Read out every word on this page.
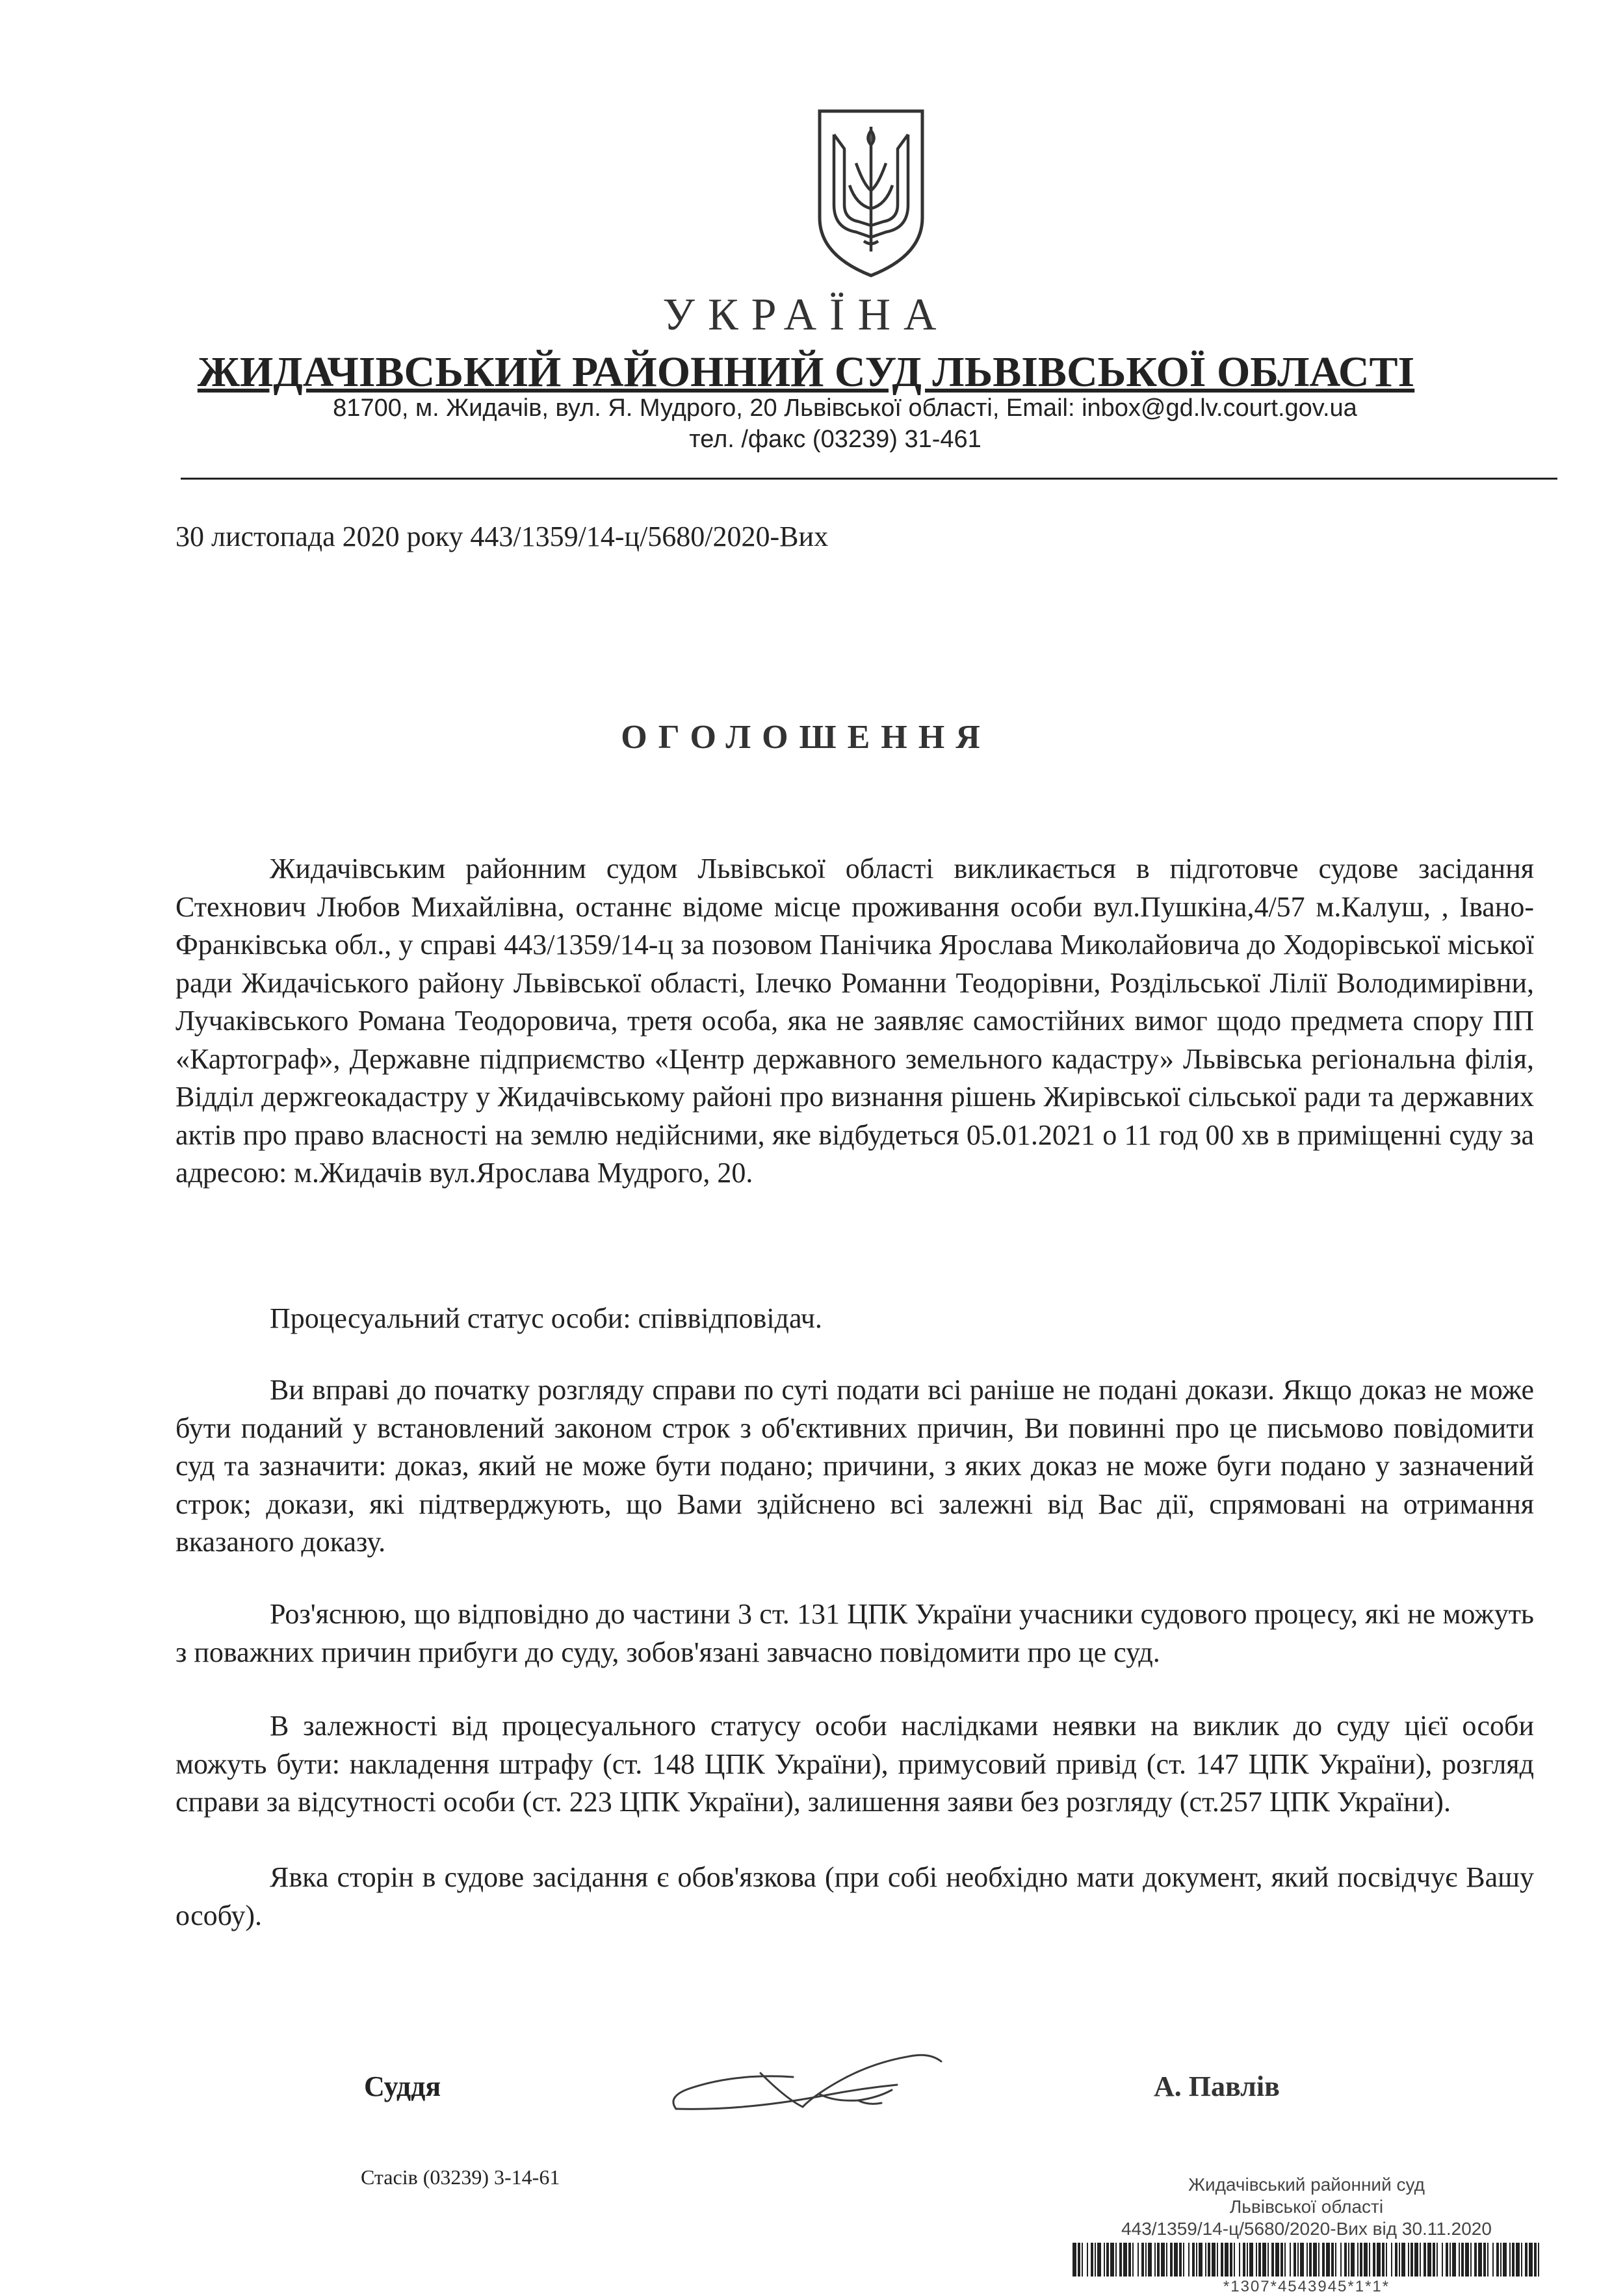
УКРАЇНА
ЖИДАЧІВСЬКИЙ РАЙОННИЙ СУД ЛЬВІВСЬКОЇ ОБЛАСТІ
81700, м. Жидачів, вул. Я. Мудрого, 20 Львівської області, Email: inbox@gd.lv.court.gov.ua
тел. /факс (03239) 31-461
30 листопада 2020 року 443/1359/14-ц/5680/2020-Вих
ОГОЛОШЕННЯ

Жидачівським районним судом Львівської області викликається в підготовче судове засідання Стехнович Любов Михайлівна, останнє відоме місце проживання особи вул.Пушкіна,4/57 м.Калуш, , Івано-Франківська обл., у справі 443/1359/14-ц за позовом Панічика Ярослава Миколайовича до Ходорівської міської ради Жидачіського району Львівської області, Ілечко Романни Теодорівни, Роздільської Лілії Володимирівни, Лучаківського Романа Теодоровича, третя особа, яка не заявляє самостійних вимог щодо предмета спору ПП «Картограф», Державне підприємство «Центр державного земельного кадастру» Львівська регіональна філія, Відділ держгеокадастру у Жидачівському районі про визнання рішень Жирівської сільської ради та державних актів про право власності на землю недійсними, яке відбудеться 05.01.2021 о 11 год 00 хв в приміщенні суду за адресою: м.Жидачів вул.Ярослава Мудрого, 20.

Процесуальний статус особи: співвідповідач.

Ви вправі до початку розгляду справи по суті подати всі раніше не подані докази. Якщо доказ не може бути поданий у встановлений законом строк з об'єктивних причин, Ви повинні про це письмово повідомити суд та зазначити: доказ, який не може бути подано; причини, з яких доказ не може буги подано у зазначений строк; докази, які підтверджують, що Вами здійснено всі залежні від Вас дії, спрямовані на отримання вказаного доказу.

Роз'яснюю, що відповідно до частини 3 ст. 131 ЦПК України учасники судового процесу, які не можуть з поважних причин прибуги до суду, зобов'язані завчасно повідомити про це суд.

В залежності від процесуального статусу особи наслідками неявки на виклик до суду цієї особи можуть бути: накладення штрафу (ст. 148 ЦПК України), примусовий привід (ст. 147 ЦПК України), розгляд справи за відсутності особи (ст. 223 ЦПК України), залишення заяви без розгляду (ст.257 ЦПК України).

Явка сторін в судове засідання є обов'язкова (при собі необхідно мати документ, який посвідчує Вашу особу).

Суддя	А. Павлів
Стасів (03239) 3-14-61	Жидачівський районний суд
Львівської області
443/1359/14-ц/5680/2020-Вих від 30.11.2020
*1307*4543945*1*1*
